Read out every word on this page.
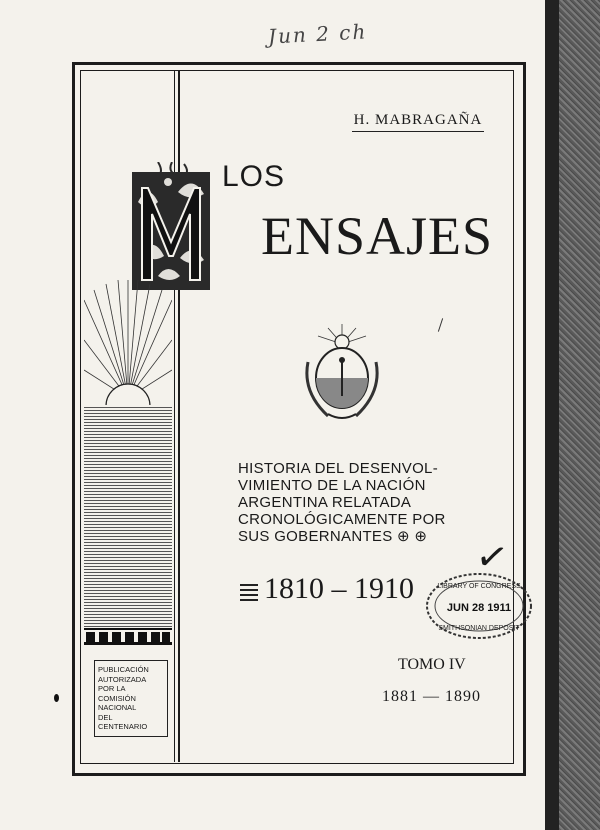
Jun 2 ch
H. MABRAGAÑA
LOS
ENSAJES
PUBLICACIÓN
AUTORIZADA
POR LA
COMISIÓN
NACIONAL
DEL
CENTENARIO
HISTORIA DEL DESENVOL-
VIMIENTO DE LA NACIÓN
ARGENTINA RELATADA
CRONOLÓGICAMENTE POR
SUS GOBERNANTES ⊕ ⊕
1810 – 1910
✓
LIBRARY OF CONGRESS
JUN 28 1911
SMITHSONIAN DEPOSIT
TOMO IV
1881 — 1890
